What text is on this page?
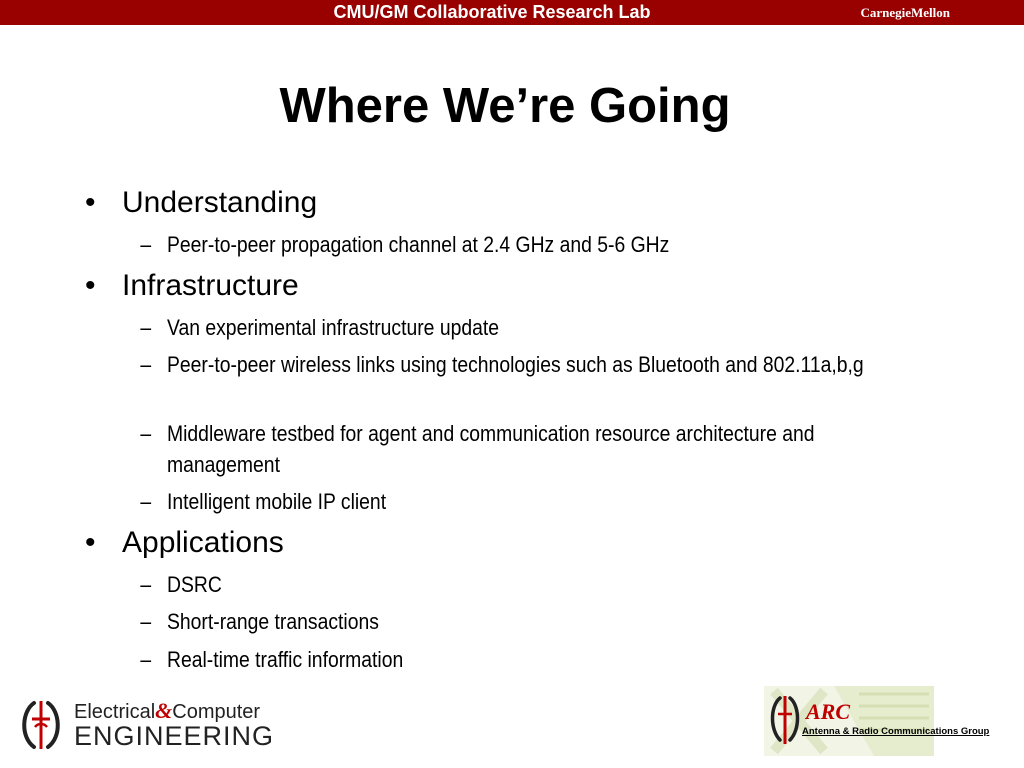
CMU/GM Collaborative Research Lab	CarnegieMellon
Where We’re Going
• Understanding
– Peer-to-peer propagation channel at 2.4 GHz and 5-6 GHz
• Infrastructure
– Van experimental infrastructure update
– Peer-to-peer wireless links using technologies such as Bluetooth and 802.11a,b,g
– Middleware testbed for agent and communication resource architecture and management
– Intelligent mobile IP client
• Applications
– DSRC
– Short-range transactions
– Real-time traffic information
Electrical&Computer
ENGINEERING
ARC
Antenna & Radio Communications Group
